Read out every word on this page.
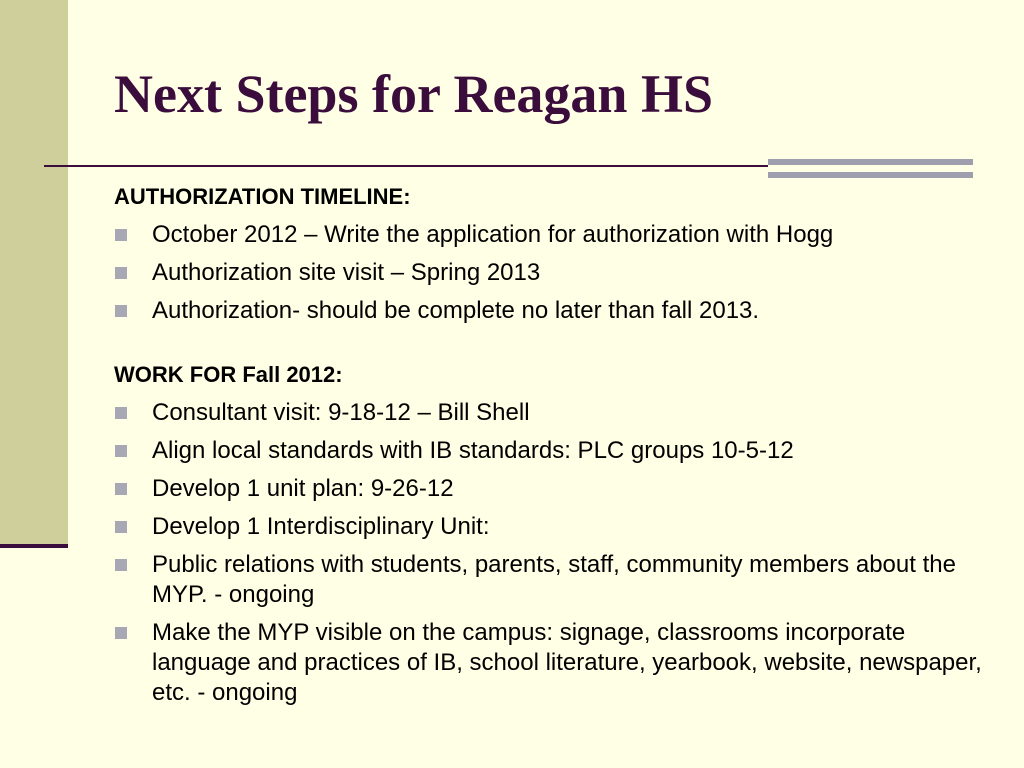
Next Steps for Reagan HS

AUTHORIZATION TIMELINE:

October 2012 – Write the application for authorization with Hogg
Authorization site visit – Spring 2013
Authorization- should be complete no later than fall 2013.

WORK FOR Fall 2012:

Consultant visit: 9-18-12 – Bill Shell
Align local standards with IB standards: PLC groups 10-5-12
Develop 1 unit plan: 9-26-12
Develop 1 Interdisciplinary Unit:
Public relations with students, parents, staff, community members about the MYP. - ongoing
Make the MYP visible on the campus: signage, classrooms incorporate language and practices of IB, school literature, yearbook, website, newspaper, etc. - ongoing
